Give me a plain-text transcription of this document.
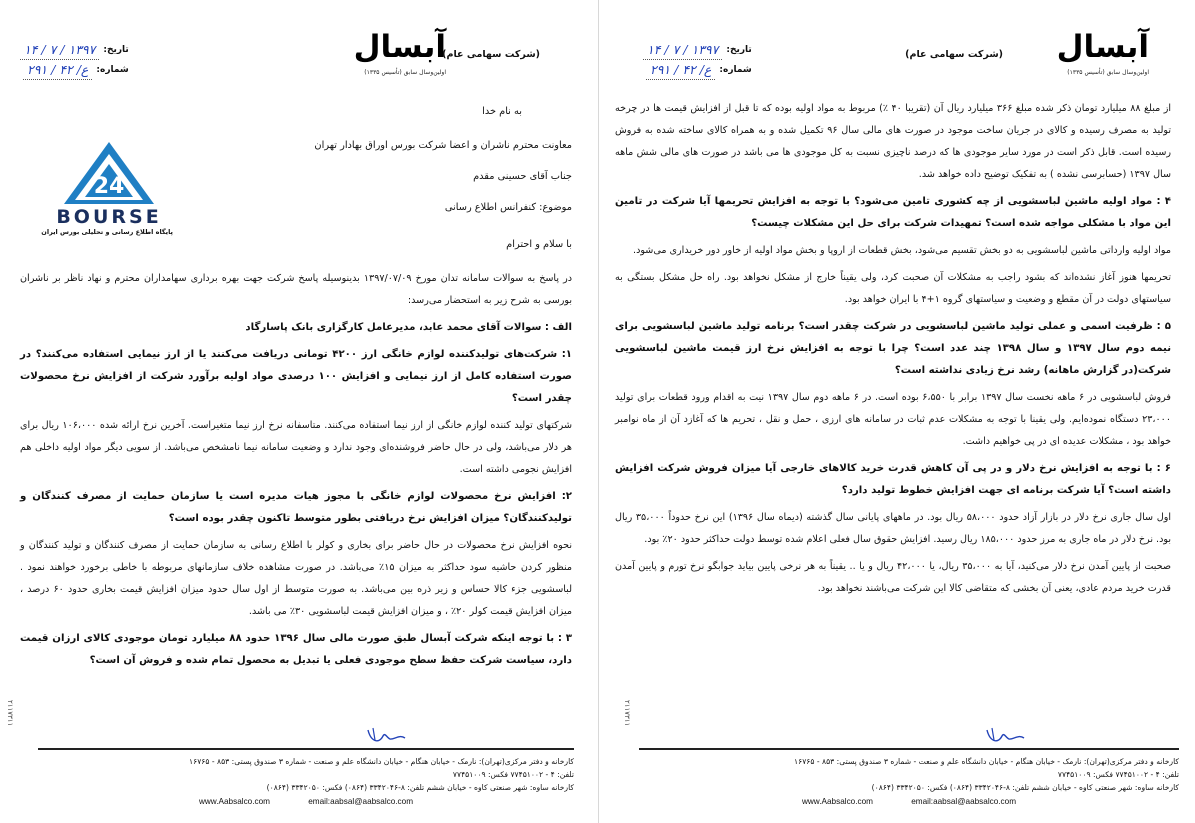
آبسال
اولین‌وسال سابق (تأسیس ۱۳۳۵)
(شرکت سهامی عام)
تاریخ:
۱۳۹۷ / ۷ / ۱۴
شماره:
ع/ ۴۲ / ۲۹۱
24
BOURSE
پایگاه اطلاع رسانی و تحلیلی بورس ایران
به نام خدا
معاونت محترم ناشران و اعضا شرکت بورس اوراق بهادار تهران
جناب آقای حسینی مقدم
موضوع: کنفرانس اطلاع رسانی
با سلام و احترام

در پاسخ به سوالات سامانه تدان مورخ ۱۳۹۷/۰۷/۰۹ بدینوسیله پاسخ شرکت جهت بهره برداری سهامداران محترم و نهاد ناظر بر ناشران بورسی به شرح زیر به استحضار می‌رسد:

الف : سوالات آقای محمد عابد، مدیرعامل کارگزاری بانک پاسارگاد

۱: شرکت‌های تولیدکننده لوازم خانگی ارز ۴۲۰۰ تومانی دریافت می‌کنند یا از ارز نیمایی استفاده می‌کنند؟ در صورت استفاده کامل از ارز نیمایی و افزایش ۱۰۰ درصدی مواد اولیه برآورد شرکت از افزایش نرخ محصولات چقدر است؟

شرکتهای تولید کننده لوازم خانگی از ارز نیما استفاده می‌کنند. متاسفانه نرخ ارز نیما متغیراست. آخرین نرخ ارائه شده ۱۰۶،۰۰۰ ریال برای هر دلار می‌باشد، ولی در حال حاضر فروشنده‌ای وجود ندارد و وضعیت سامانه نیما نامشخص می‌باشد. از سویی دیگر مواد اولیه داخلی هم افزایش نجومی داشته است.

۲: افزایش نرخ محصولات لوازم خانگی با مجوز هیات مدیره است یا سازمان حمایت از مصرف کنندگان و تولیدکنندگان؟ میزان افزایش نرخ دریافتی بطور متوسط تاکنون چقدر بوده است؟

نحوه افزایش نرخ محصولات در حال حاضر برای بخاری و کولر با اطلاع رسانی به سازمان حمایت از مصرف کنندگان و تولید کنندگان و منظور کردن حاشیه سود حداکثر به میزان ۱۵٪ می‌باشد. در صورت مشاهده خلاف سازمانهای مربوطه با خاطی برخورد خواهند نمود . لباسشویی جزء کالا حساس و زیر ذره بین می‌باشد. به صورت متوسط از اول سال حدود میزان افزایش قیمت بخاری حدود ۶۰ درصد ، میزان افزایش قیمت کولر ۲۰٪ ، و میزان افزایش قیمت لباسشویی ۳۰٪ می باشد.

۳ : با توجه اینکه شرکت آبسال طبق صورت مالی سال ۱۳۹۶ حدود ۸۸ میلیارد تومان موجودی کالای ارزان قیمت دارد، سیاست شرکت حفظ سطح موجودی فعلی یا تبدیل به محصول تمام شده و فروش آن است؟

۲۱۱۷۳۱۱
کارخانه و دفتر مرکزی(تهران): نارمک - خیابان هنگام - خیابان دانشگاه علم و صنعت - شماره ۳ صندوق پستی: ۸۵۳ - ۱۶۷۶۵
تلفن: ۴ - ۷۷۴۵۱۰۰۲ فکس: ۷۷۴۵۱۰۰۹
کارخانه ساوه: شهر صنعتی کاوه - خیابان ششم تلفن: ۸-۳۳۴۲۰۴۶ (۰۸۶۴) فکس: ۳۳۴۲۰۵۰ (۰۸۶۴)
www.Aabsalco.com	email:aabsal@aabsalco.com
آبسال
اولین‌وسال سابق (تأسیس ۱۳۳۵)
(شرکت سهامی عام)
تاریخ:
۱۳۹۷ / ۷ / ۱۴
شماره:
ع/ ۴۲ / ۲۹۱

از مبلغ ۸۸ میلیارد تومان ذکر شده مبلغ ۳۶۶ میلیارد ریال آن (تقریبا ۴۰ ٪) مربوط به مواد اولیه بوده که تا قبل از افزایش قیمت ها در چرخه تولید به مصرف رسیده و کالای در جریان ساخت موجود در صورت های مالی سال ۹۶ تکمیل شده و به همراه کالای ساخته شده به فروش رسیده است. قابل ذکر است در مورد سایر موجودی ها که درصد ناچیزی نسبت به کل موجودی ها می باشد در صورت های مالی شش ماهه سال ۱۳۹۷ (حسابرسی نشده ) به تفکیک توضیح داده خواهد شد.

۴ : مواد اولیه ماشین لباسشویی از چه کشوری تامین می‌شود؟ با توجه به افزایش تحریمها آیا شرکت در تامین این مواد با مشکلی مواجه شده است؟ تمهیدات شرکت برای حل این مشکلات چیست؟

مواد اولیه وارداتی ماشین لباسشویی به دو بخش تقسیم می‌شود، بخش قطعات از اروپا و بخش مواد اولیه از خاور دور خریداری می‌شود.

تحریمها هنوز آغاز نشده‌اند که بشود راجب به مشکلات آن صحبت کرد، ولی یقیناً خارج از مشکل نخواهد بود. راه حل مشکل بستگی به سیاستهای دولت در آن مقطع و وضعیت و سیاستهای گروه ۱+۴ با ایران خواهد بود.

۵ : ظرفیت اسمی و عملی تولید ماشین لباسشویی در شرکت چقدر است؟ برنامه تولید ماشین لباسشویی برای نیمه دوم سال ۱۳۹۷ و سال ۱۳۹۸ چند عدد است؟ چرا با توجه به افزایش نرخ ارز قیمت ماشین لباسشویی شرکت(در گزارش ماهانه) رشد نرخ زیادی نداشته است؟

فروش لباسشویی در ۶ ماهه نخست سال ۱۳۹۷ برابر با ۶،۵۵۰ بوده است. در ۶ ماهه دوم سال ۱۳۹۷ نیت به اقدام ورود قطعات برای تولید ۲۳،۰۰۰ دستگاه نموده‌ایم. ولی یقینا با توجه به مشکلات عدم ثبات در سامانه های ارزی ، حمل و نقل ، تحریم ها که آغازد آن از ماه نوامبر خواهد بود ، مشکلات عدیده ای در پی خواهیم داشت.

۶ : با توجه به افزایش نرخ دلار و در پی آن کاهش قدرت خرید کالاهای خارجی آیا میزان فروش شرکت افزایش داشته است؟ آیا شرکت برنامه ای جهت افزایش خطوط تولید دارد؟

اول سال جاری نرخ دلار در بازار آزاد حدود ۵۸،۰۰۰ ریال بود. در ماههای پایانی سال گذشته (دیماه سال ۱۳۹۶) این نرخ حدوداً ۳۵،۰۰۰ ریال بود. نرخ دلار در ماه جاری به مرز حدود ۱۸۵،۰۰۰ ریال رسید. افزایش حقوق سال فعلی اعلام شده توسط دولت حداکثر حدود ۲۰٪ بود.

صحبت از پایین آمدن نرخ دلار می‌کنید، آیا به ۳۵،۰۰۰ ریال، یا ۴۲،۰۰۰ ریال و یا .. یقیناً به هر نرخی پایین بیاید جوابگو نرخ تورم و پایین آمدن قدرت خرید مردم عادی، یعنی آن بخشی که متقاضی کالا این شرکت می‌باشند نخواهد بود.

۲۱۱۷۳۱۱
کارخانه و دفتر مرکزی(تهران): نارمک - خیابان هنگام - خیابان دانشگاه علم و صنعت - شماره ۳ صندوق پستی: ۸۵۳ - ۱۶۷۶۵
تلفن: ۴ - ۷۷۴۵۱۰۰۲ فکس: ۷۷۴۵۱۰۰۹
کارخانه ساوه: شهر صنعتی کاوه - خیابان ششم تلفن: ۸-۳۳۴۲۰۴۶ (۰۸۶۴) فکس: ۳۳۴۲۰۵۰ (۰۸۶۴)
www.Aabsalco.com	email:aabsal@aabsalco.com
